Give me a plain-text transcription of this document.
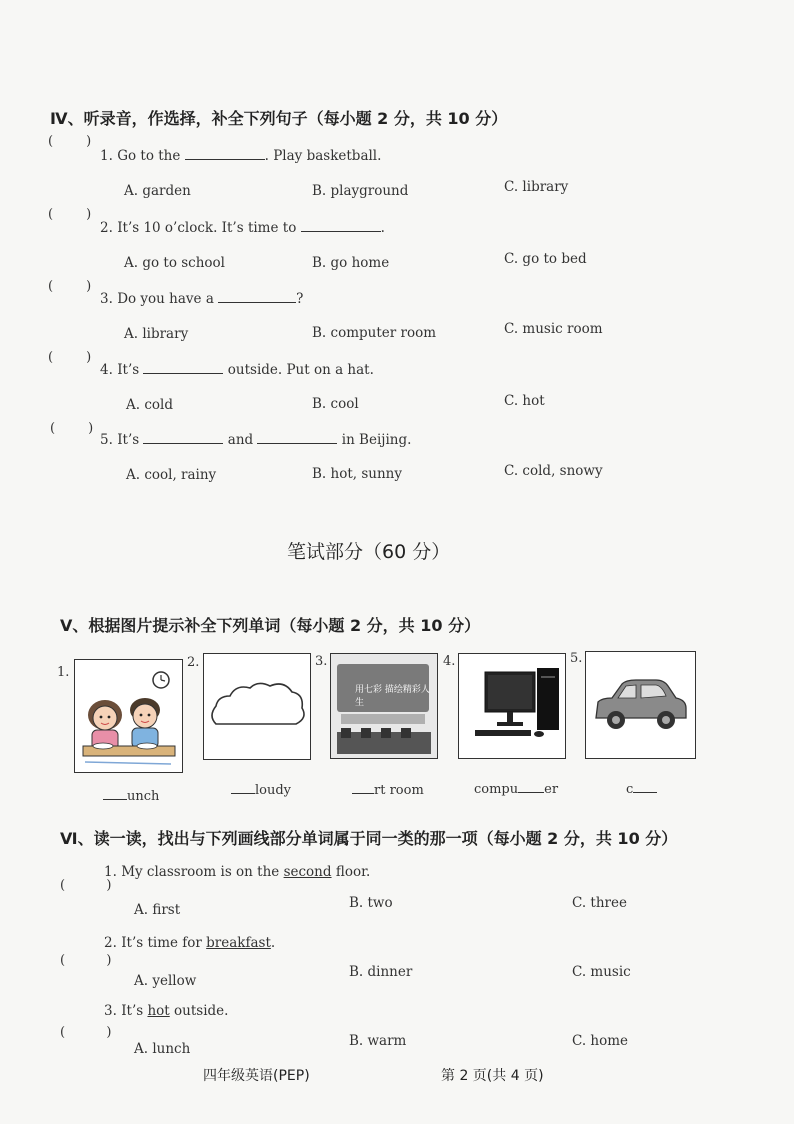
Ⅳ、听录音，作选择，补全下列句子（每小题 2 分，共 10 分）
(        )
1. Go to the	. Play basketball.
A. garden	B. playground	C. library
(        )
2. It’s 10 o’clock. It’s time to	.
A. go to school	B. go home	C. go to bed
(        )
3. Do you have a	?
A. library	B. computer room	C. music room
(        )
4. It’s	outside. Put on a hat.
A. cold	B. cool	C. hot
(        )
5. It’s	and	in Beijing.
A. cool, rainy	B. hot, sunny	C. cold, snowy
笔试部分（60 分）
Ⅴ、根据图片提示补全下列单词（每小题 2 分，共 10 分）
1.
2.	3.	4.	5.
用七彩 描绘精彩人生
unch	loudy	rt room	compu er	c
Ⅵ、读一读，找出与下列画线部分单词属于同一类的那一项（每小题 2 分，共 10 分）
(          )
1. My classroom is on the second floor.
A. first	B. two	C. three
(          )
2. It’s time for breakfast.
A. yellow
B. dinner	C. music
(          )
3. It’s hot outside.
A. lunch	B. warm	C. home
四年级英语(PEP)	第 2 页(共 4 页)
